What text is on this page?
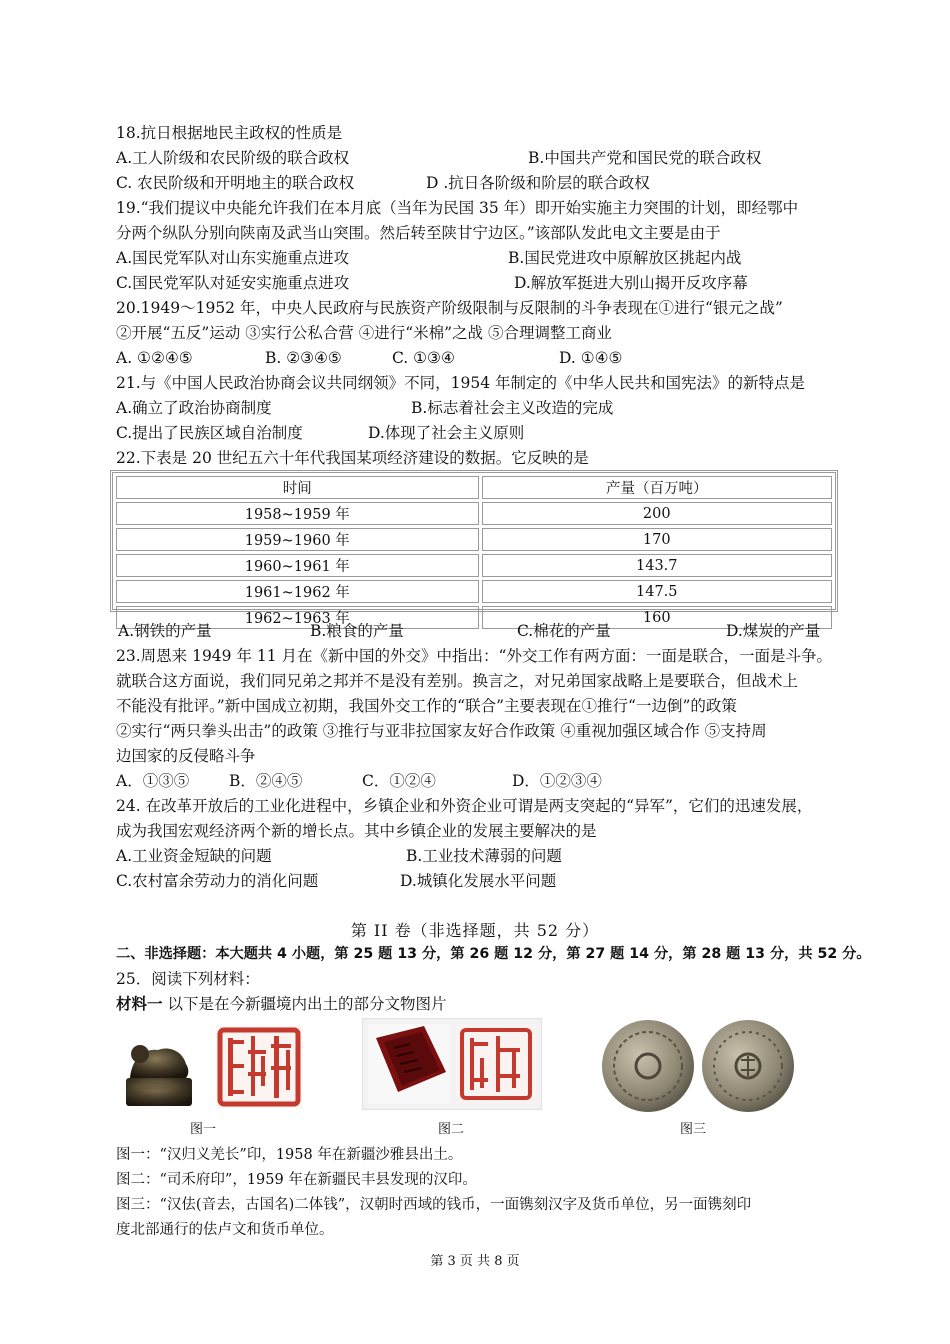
18.抗日根据地民主政权的性质是
A.工人阶级和农民阶级的联合政权	B.中国共产党和国民党的联合政权
C. 农民阶级和开明地主的联合政权	D .抗日各阶级和阶层的联合政权
19.“我们提议中央能允许我们在本月底（当年为民国 35 年）即开始实施主力突围的计划，即经鄂中
分两个纵队分别向陕南及武当山突围。然后转至陕甘宁边区。”该部队发此电文主要是由于
A.国民党军队对山东实施重点进攻	B.国民党进攻中原解放区挑起内战
C.国民党军队对延安实施重点进攻	D.解放军挺进大别山揭开反攻序幕
20.1949～1952 年，中央人民政府与民族资产阶级限制与反限制的斗争表现在①进行“银元之战”
②开展“五反”运动 ③实行公私合营 ④进行“米棉”之战 ⑤合理调整工商业
A. ①②④⑤	B. ②③④⑤	C. ①③④	D. ①④⑤
21.与《中国人民政治协商会议共同纲领》不同，1954 年制定的《中华人民共和国宪法》的新特点是
A.确立了政治协商制度	B.标志着社会主义改造的完成
C.提出了民族区域自治制度	D.体现了社会主义原则
22.下表是 20 世纪五六十年代我国某项经济建设的数据。它反映的是
时间	产量（百万吨）
1958~1959 年	200
1959~1960 年	170
1960~1961 年	143.7
1961~1962 年	147.5
1962~1963 年	160
A.钢铁的产量	B.粮食的产量	C.棉花的产量	D.煤炭的产量
23.周恩来 1949 年 11 月在《新中国的外交》中指出：“外交工作有两方面：一面是联合，一面是斗争。
就联合这方面说，我们同兄弟之邦并不是没有差别。换言之，对兄弟国家战略上是要联合，但战术上
不能没有批评。”新中国成立初期，我国外交工作的“联合”主要表现在①推行“一边倒”的政策
②实行“两只拳头出击”的政策 ③推行与亚非拉国家友好合作政策 ④重视加强区域合作 ⑤支持周
边国家的反侵略斗争
A．①③⑤	B．②④⑤	C．①②④	D．①②③④
24. 在改革开放后的工业化进程中，乡镇企业和外资企业可谓是两支突起的“异军”，它们的迅速发展，
成为我国宏观经济两个新的增长点。其中乡镇企业的发展主要解决的是
A.工业资金短缺的问题	B.工业技术薄弱的问题
C.农村富余劳动力的消化问题	D.城镇化发展水平问题
第 II 卷（非选择题，共 52 分）
二、非选择题：本大题共 4 小题，第 25 题 13 分，第 26 题 12 分，第 27 题 14 分，第 28 题 13 分，共 52 分。
25．阅读下列材料：
材料一 以下是在今新疆境内出土的部分文物图片
图一	图二	图三
图一：“汉归义羌长”印，1958 年在新疆沙雅县出土。
图二：“司禾府印”，1959 年在新疆民丰县发现的汉印。
图三：“汉佉(音去，古国名)二体钱”，汉朝时西域的钱币，一面镌刻汉字及货币单位，另一面镌刻印
度北部通行的佉卢文和货币单位。
第 3 页 共 8 页
